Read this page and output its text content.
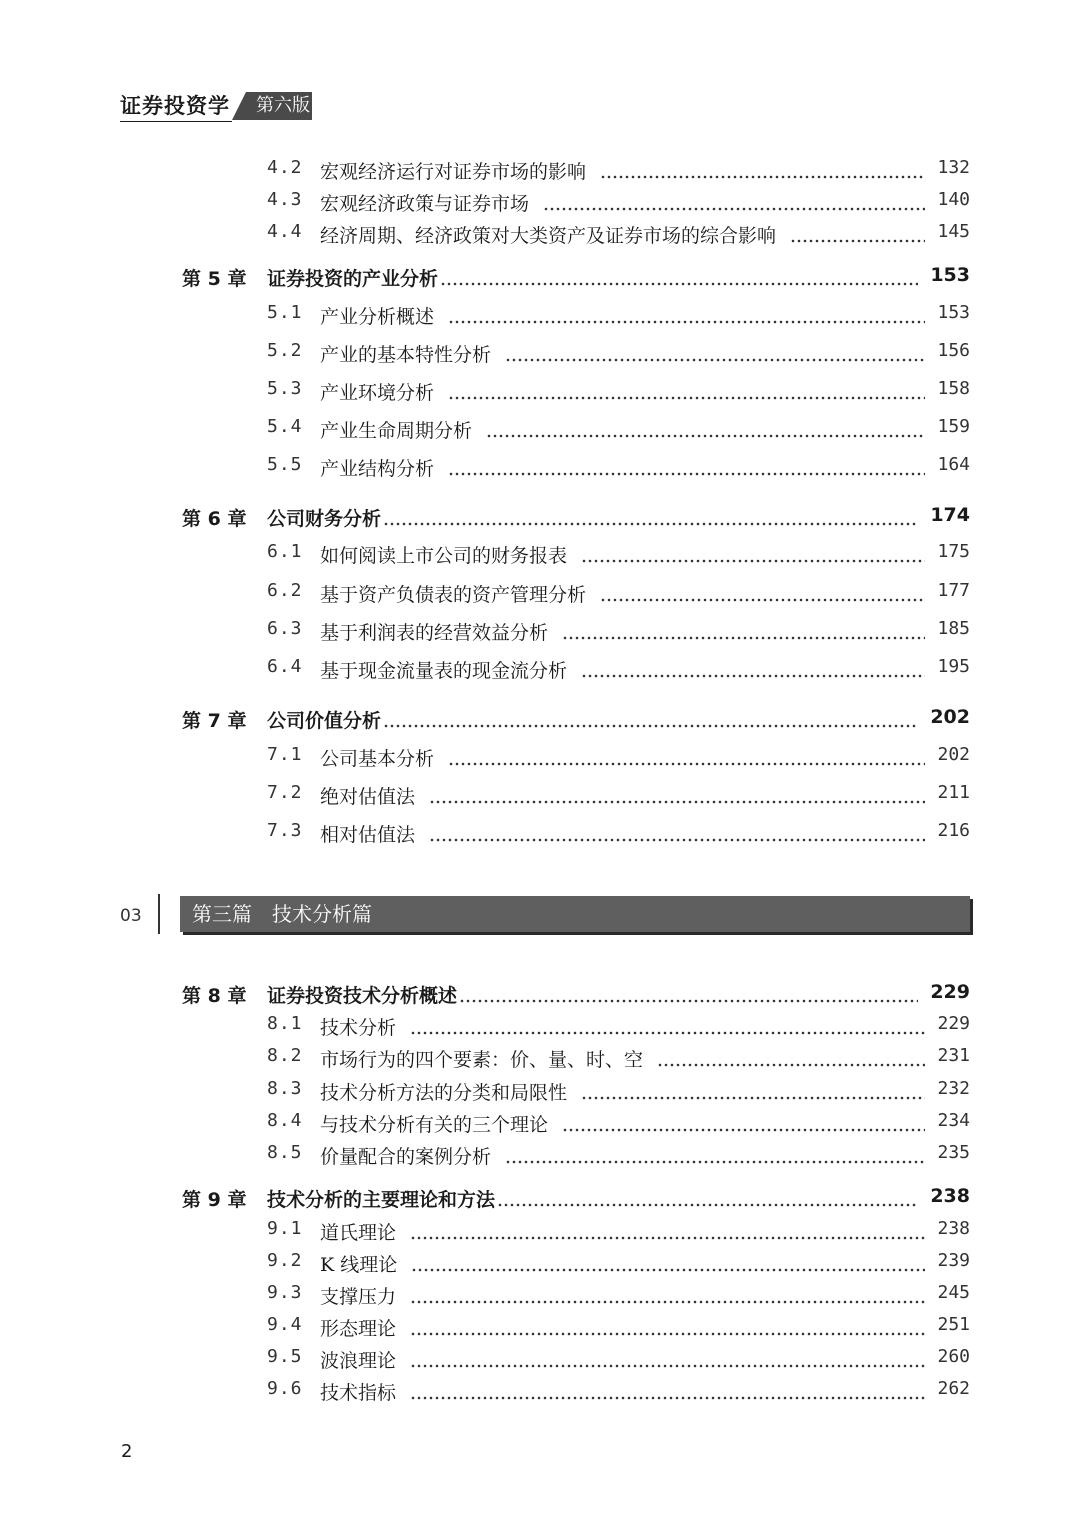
证券投资学 第六版
4.2 宏观经济运行对证券市场的影响	132
4.3 宏观经济政策与证券市场	140
4.4 经济周期、经济政策对大类资产及证券市场的综合影响	145
第 5 章 证券投资的产业分析	153
5.1 产业分析概述	153
5.2 产业的基本特性分析	156
5.3 产业环境分析	158
5.4 产业生命周期分析	159
5.5 产业结构分析	164
第 6 章 公司财务分析	174
6.1 如何阅读上市公司的财务报表	175
6.2 基于资产负债表的资产管理分析	177
6.3 基于利润表的经营效益分析	185
6.4 基于现金流量表的现金流分析	195
第 7 章 公司价值分析	202
7.1 公司基本分析	202
7.2 绝对估值法	211
7.3 相对估值法	216
03	第三篇　技术分析篇
第 8 章 证券投资技术分析概述	229
8.1 技术分析	229
8.2 市场行为的四个要素：价、量、时、空	231
8.3 技术分析方法的分类和局限性	232
8.4 与技术分析有关的三个理论	234
8.5 价量配合的案例分析	235
第 9 章 技术分析的主要理论和方法	238
9.1 道氏理论	238
9.2 K 线理论	239
9.3 支撑压力	245
9.4 形态理论	251
9.5 波浪理论	260
9.6 技术指标	262
2
